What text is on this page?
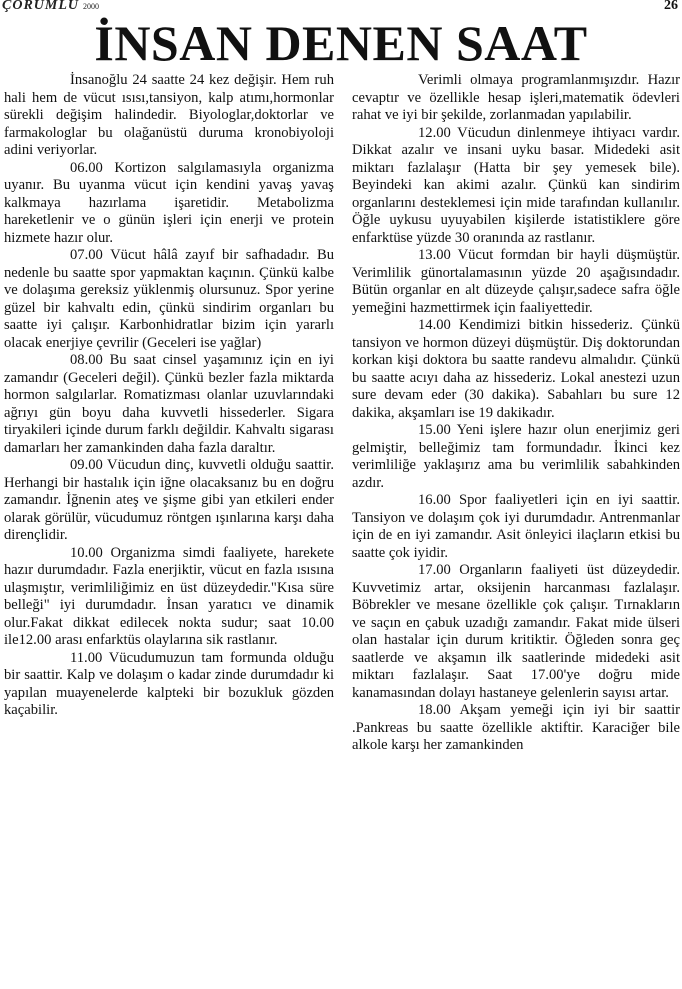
ÇORUMLU 2000	26
İNSAN DENEN SAAT

İnsanoğlu 24 saatte 24 kez değişir. Hem ruh hali hem de vücut ısısı,tansiyon, kalp atımı,hormonlar sürekli değişim halindedir. Biyologlar,doktorlar ve farmakologlar bu olağanüstü duruma kronobiyoloji adini veriyorlar.

06.00 Kortizon salgılamasıyla organizma uyanır. Bu uyanma vücut için kendini yavaş yavaş kalkmaya hazırlama işaretidir. Metabolizma hareketlenir ve o günün işleri için enerji ve protein hizmete hazır olur.

07.00 Vücut hâlâ zayıf bir safhadadır. Bu nedenle bu saatte spor yapmaktan kaçının. Çünkü kalbe ve dolaşıma gereksiz yüklenmiş olursunuz. Spor yerine güzel bir kahvaltı edin, çünkü sindirim organları bu saatte iyi çalışır. Karbonhidratlar bizim için yararlı olacak enerjiye çevrilir (Geceleri ise yağlar)

08.00 Bu saat cinsel yaşamınız için en iyi zamandır (Geceleri değil). Çünkü bezler fazla miktarda hormon salgılarlar. Romatizması olanlar uzuvlarındaki ağrıyı gün boyu daha kuvvetli hissederler. Sigara tiryakileri içinde durum farklı değildir. Kahvaltı sigarası damarları her zamankinden daha fazla daraltır.

09.00 Vücudun dinç, kuvvetli olduğu saattir. Herhangi bir hastalık için iğne olacaksanız bu en doğru zamandır. İğnenin ateş ve şişme gibi yan etkileri ender olarak görülür, vücudumuz röntgen ışınlarına karşı daha dirençlidir.

10.00 Organizma simdi faaliyete, harekete hazır durumdadır. Fazla enerjiktir, vücut en fazla ısısına ulaşmıştır, verimliliğimiz en üst düzeydedir."Kısa süre belleği" iyi durumdadır. İnsan yaratıcı ve dinamik olur.Fakat dikkat edilecek nokta sudur; saat 10.00 ile12.00 arası enfarktüs olaylarına sik rastlanır.

11.00 Vücudumuzun tam formunda olduğu bir saattir. Kalp ve dolaşım o kadar zinde durumdadır ki yapılan muayenelerde kalpteki bir bozukluk gözden kaçabilir.

Verimli olmaya programlanmışızdır. Hazır cevaptır ve özellikle hesap işleri,matematik ödevleri rahat ve iyi bir şekilde, zorlanmadan yapılabilir.

12.00 Vücudun dinlenmeye ihtiyacı vardır. Dikkat azalır ve insani uyku basar. Midedeki asit miktarı fazlalaşır (Hatta bir şey yemesek bile). Beyindeki kan akimi azalır. Çünkü kan sindirim organlarını desteklemesi için mide tarafından kullanılır. Öğle uykusu uyuyabilen kişilerde istatistiklere göre enfarktüse yüzde 30 oranında az rastlanır.

13.00 Vücut formdan bir hayli düşmüştür. Verimlilik günortalamasının yüzde 20 aşağısındadır. Bütün organlar en alt düzeyde çalışır,sadece safra öğle yemeğini hazmettirmek için faaliyettedir.

14.00 Kendimizi bitkin hissederiz. Çünkü tansiyon ve hormon düzeyi düşmüştür. Diş doktorundan korkan kişi doktora bu saatte randevu almalıdır. Çünkü bu saatte acıyı daha az hissederiz. Lokal anestezi uzun sure devam eder (30 dakika). Sabahları bu sure 12 dakika, akşamları ise 19 dakikadır.

15.00 Yeni işlere hazır olun enerjimiz geri gelmiştir, belleğimiz tam formundadır. İkinci kez verimliliğe yaklaşırız ama bu verimlilik sabahkinden azdır.

16.00 Spor faaliyetleri için en iyi saattir. Tansiyon ve dolaşım çok iyi durumdadır. Antrenmanlar için de en iyi zamandır. Asit önleyici ilaçların etkisi bu saatte çok iyidir.

17.00 Organların faaliyeti üst düzeydedir. Kuvvetimiz artar, oksijenin harcanması fazlalaşır. Böbrekler ve mesane özellikle çok çalışır. Tırnakların ve saçın en çabuk uzadığı zamandır. Fakat mide ülseri olan hastalar için durum kritiktir. Öğleden sonra geç saatlerde ve akşamın ilk saatlerinde midedeki asit miktarı fazlalaşır. Saat 17.00'ye doğru mide kanamasından dolayı hastaneye gelenlerin sayısı artar.

18.00 Akşam yemeği için iyi bir saattir .Pankreas bu saatte özellikle aktiftir. Karaciğer bile alkole karşı her zamankinden
